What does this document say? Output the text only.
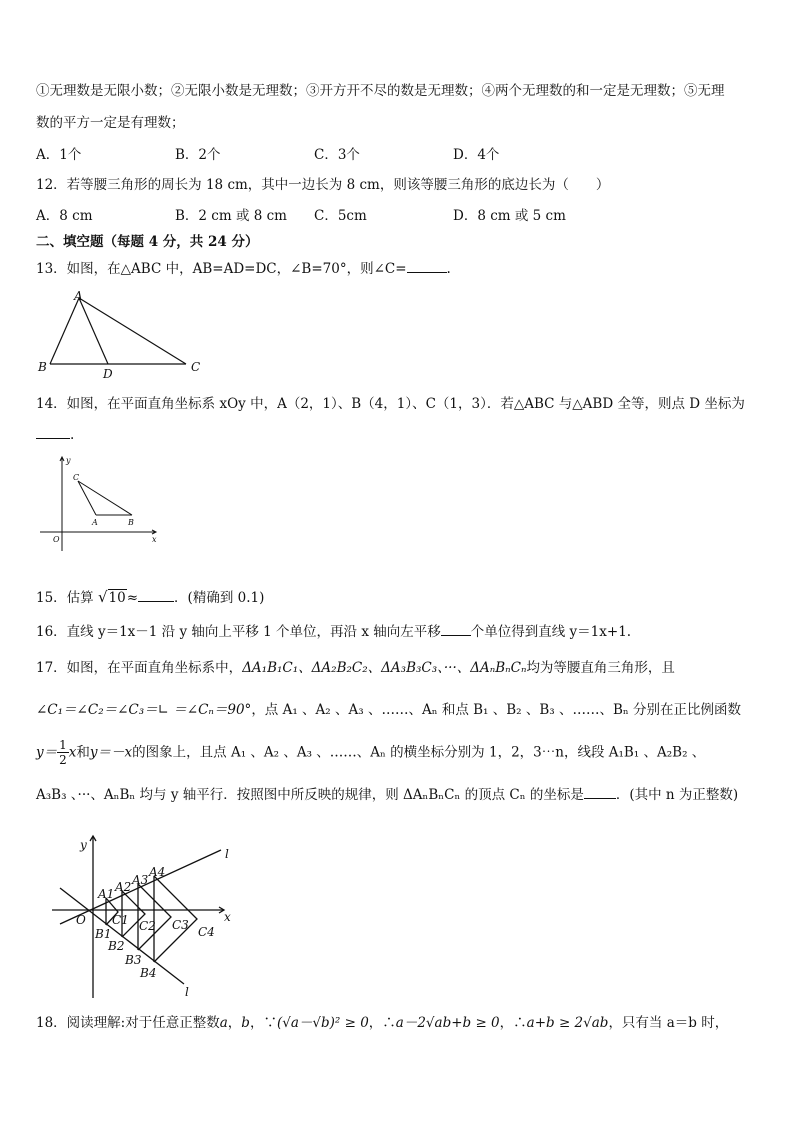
①无理数是无限小数；②无限小数是无理数；③开方开不尽的数是无理数；④两个无理数的和一定是无理数；⑤无理
数的平方一定是有理数；
A．1个	B．2个	C．3个	D．4个
12．若等腰三角形的周长为 18 cm，其中一边长为 8 cm，则该等腰三角形的底边长为（　　）
A．8 cm	B．2 cm 或 8 cm C．5cm	D．8 cm 或 5 cm
二、填空题（每题 4 分，共 24 分）
13．如图，在△ABC 中，AB=AD=DC，∠B=70°，则∠C=	.
A
B	C
D
14．如图，在平面直角坐标系 xOy 中，A（2，1）、B（4，1）、C（1，3）．若△ABC 与△ABD 全等，则点 D 坐标为
.
y
x
O
C
A	B
15．估算 √10≈	．(精确到 0.1)
16．直线 y＝1x－1 沿 y 轴向上平移 1 个单位，再沿 x 轴向左平移 个单位得到直线 y＝1x+1.
17．如图，在平面直角坐标系中，ΔA₁B₁C₁、ΔA₂B₂C₂、ΔA₃B₃C₃、···、ΔAₙBₙCₙ均为等腰直角三角形，且
∠C₁＝∠C₂＝∠C₃＝∟ ＝∠Cₙ＝90°，点 A₁ 、A₂ 、A₃ 、……、Aₙ 和点 B₁ 、B₂ 、B₃ 、……、Bₙ 分别在正比例函数
$y= \frac{1}{2}$ x和y＝－x的图象上，且点 A₁ 、A₂ 、A₃ 、……、Aₙ 的横坐标分别为 1，2，3⋯n，线段 A₁B₁ 、A₂B₂ 、
A₃B₃ 、···、AₙBₙ 均与 y 轴平行．按照图中所反映的规律，则 ΔAₙBₙCₙ 的顶点 Cₙ 的坐标是 ．(其中 n 为正整数)
y
x
O
l
l
A1 A2 A3
A4
C1 C2 C3 C4
B1
B2
B3
B4
18．阅读理解:对于任意正整数a，b，∵(√a－√b)² ≥ 0，∴a－2√ab+b ≥ 0，∴a+b ≥ 2√ab，只有当 a＝b 时，
